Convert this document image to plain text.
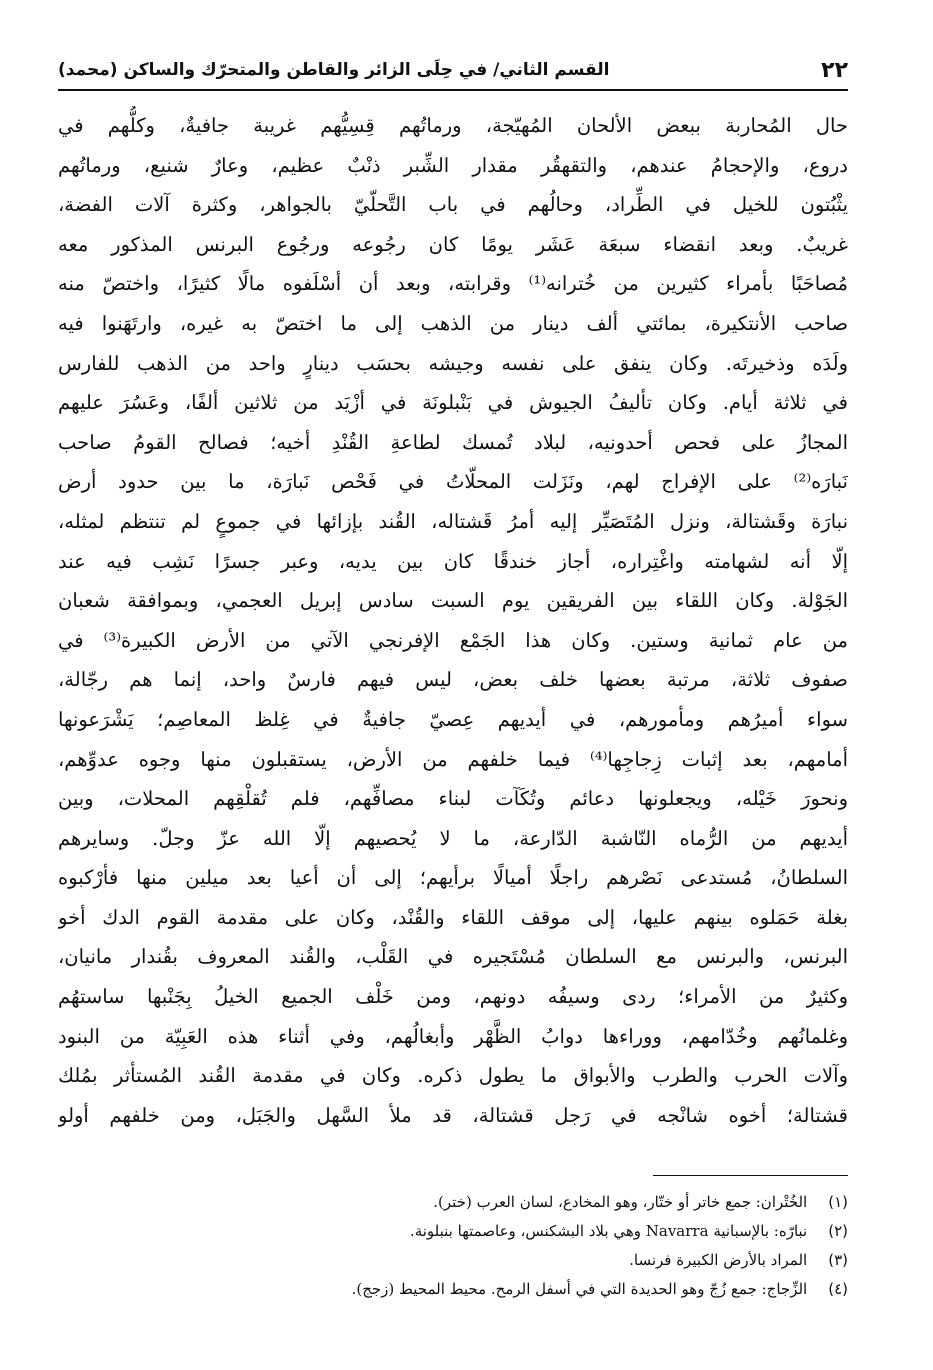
٢٢
القسم الثاني/ في حِلَى الزائر والقاطن والمتحرّك والساكن (محمد)
حال المُحاربة ببعض الألحان المُهيّجة، ورماتُهم قِسِيُّهم غريبة جافيةٌ، وكلُّهم في
دروع، والإحجامُ عندهم، والتقهقُر مقدار الشِّبر ذنْبٌ عظيم، وعارٌ شنيع، ورماتُهم
يثْبُتون للخيل في الطِّراد، وحالُهم في باب التَّحلّيّ بالجواهر، وكثرة آلات الفضة،
غريبٌ. وبعد انقضاء سبعَة عَشَر يومًا كان رجُوعه ورجُوع البرنس المذكور معه
مُصاحَبًا بأمراء كثيرين من خُترانه⁽¹⁾ وقرابته، وبعد أن أسْلَفوه مالًا كثيرًا، واختصّ منه
صاحب الأنتكيرة، بمائتي ألف دينار من الذهب إلى ما اختصّ به غيره، وارتَهَنوا فيه
ولَدَه وذخيرتَه. وكان ينفق على نفسه وجيشه بحسَب دينارٍ واحد من الذهب للفارس
في ثلاثة أيام. وكان تأليفُ الجيوش في بَنْبلونَة في أزْيَد من ثلاثين ألفًا، وعَسُرَ عليهم
المجازُ على فحص أحدونيه، لبلاد تُمسك لطاعةِ القُنْدِ أخيه؛ فصالح القومُ صاحب
نَبارَه⁽²⁾ على الإفراج لهم، ونَزَلت المحلّاتُ في فَحْص نَبارَة، ما بين حدود أرض
نبارَة وقَشتالة، ونزل المُتَصَيِّر إليه أمرُ قَشتاله، القُند بإزائها في جموعٍ لم تنتظم لمثله،
إلّا أنه لشهامته واغْتِراره، أجاز خندقًا كان بين يديه، وعبر جسرًا نَشِب فيه عند
الجَوْلة. وكان اللقاء بين الفريقين يوم السبت سادس إبريل العجمي، وبموافقة شعبان
من عام ثمانية وستين. وكان هذا الجَمْع الإفرنجي الآتي من الأرض الكبيرة⁽³⁾ في
صفوف ثلاثة، مرتبة بعضها خلف بعض، ليس فيهم فارسٌ واحد، إنما هم رجّالة،
سواء أميرُهم ومأمورهم، في أيديهم عِصيّ جافيةٌ في غِلظ المعاصِم؛ يَشْرَعونها
أمامهم، بعد إثبات زِجاجِها⁽⁴⁾ فيما خلفهم من الأرض، يستقبلون منها وجوه عدوِّهم،
ونحورَ خَيْله، ويجعلونها دعائم وتُكَآت لبناء مصافِّهم، فلم تُقلْقِهم المحلات، وبين
أيديهم من الرُّماه النّاشبة الدّارعة، ما لا يُحصيهم إلّا الله عزّ وجلّ. وسايرهم
السلطانُ، مُستدعى نَصْرهم راجلًا أميالًا برأيهم؛ إلى أن أعيا بعد ميلين منها فأرْكبوه
بغلة حَمَلوه بينهم عليها، إلى موقف اللقاء والقُنْد، وكان على مقدمة القوم الدك أخو
البرنس، والبرنس مع السلطان مُسْتَجيره في القَلْب، والقُند المعروف بقُندار مانيان،
وكثيرٌ من الأمراء؛ ردى وسيفُه دونهم، ومن خَلْف الجميع الخيلُ بِجَنْبها ساستهُم
وغلمانُهم وخُدّامهم، ووراءها دوابُ الظَّهْر وأبغالُهم، وفي أثناء هذه العَبِيّة من البنود
وآلات الحرب والطرب والأبواق ما يطول ذكره. وكان في مقدمة القُند المُستأثر بمُلك
قشتالة؛ أخوه شانْجه في رَجل قشتالة، قد ملأ السَّهل والجَبَل، ومن خلفهم أولو
(١) الخُتْران: جمع خاتر أو ختّار، وهو المخادع، لسان العرب (ختر).
(٢) نبارّه: بالإسبانية Navarra وهي بلاد البشكنس، وعاصمتها بنبلونة.
(٣) المراد بالأرض الكبيرة فرنسا.
(٤) الزِّجاج: جمع زُجّ وهو الحديدة التي في أسفل الرمح. محيط المحيط (زجج).
